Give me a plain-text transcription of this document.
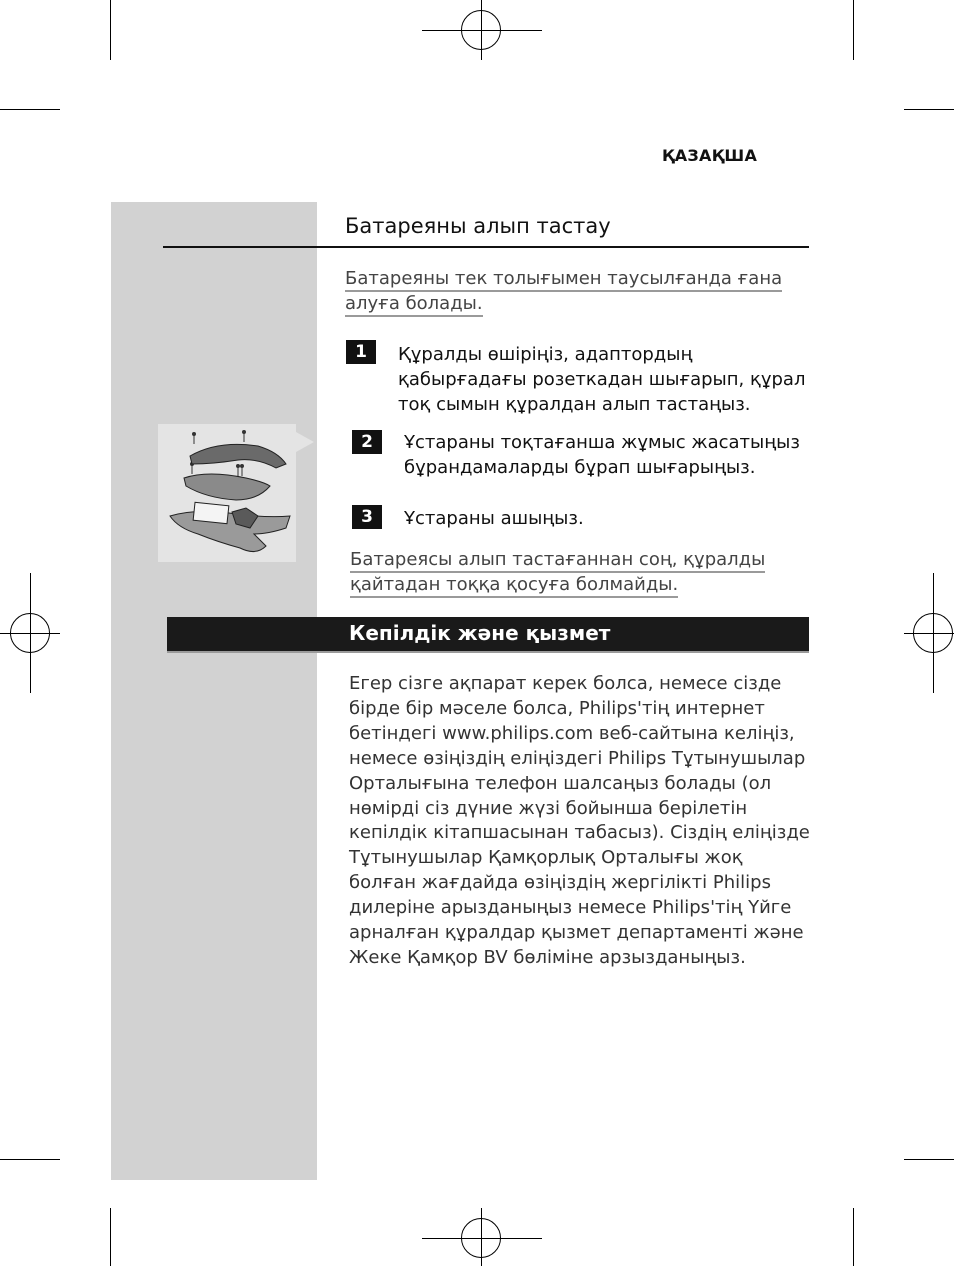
ҚАЗАҚША
Батареяны алып тастау
Батареяны тек толығымен таусылғанда ғана
алуға болады.
1	Құралды өшіріңіз, адаптордың
қабырғадағы розеткадан шығарып, құрал
тоқ сымын құралдан алып тастаңыз.
2	Ұстараны тоқтағанша жұмыс жасатыңыз
бұрандамаларды бұрап шығарыңыз.
3	Ұстараны ашыңыз.
Батареясы алып тастағаннан соң, құралды
қайтадан тоққа қосуға болмайды.
Кепілдік және қызмет
Егер сізге ақпарат керек болса, немесе сізде
бірде бір мәселе болса, Philips'тің интернет
бетіндегі www.philips.com веб-сайтына келіңіз,
немесе өзіңіздің еліңіздегі Philips Тұтынушылар
Орталығына телефон шалсаңыз болады (ол
нөмірді сіз дүние жүзі бойынша берілетін
кепілдік кітапшасынан табасыз). Сіздің еліңізде
Тұтынушылар Қамқорлық Орталығы жоқ
болған жағдайда өзіңіздің жергілікті Philips
дилеріне арызданыңыз немесе Philips'тің Үйге
арналған құралдар қызмет департаменті және
Жеке Қамқор BV бөліміне арзызданыңыз.
